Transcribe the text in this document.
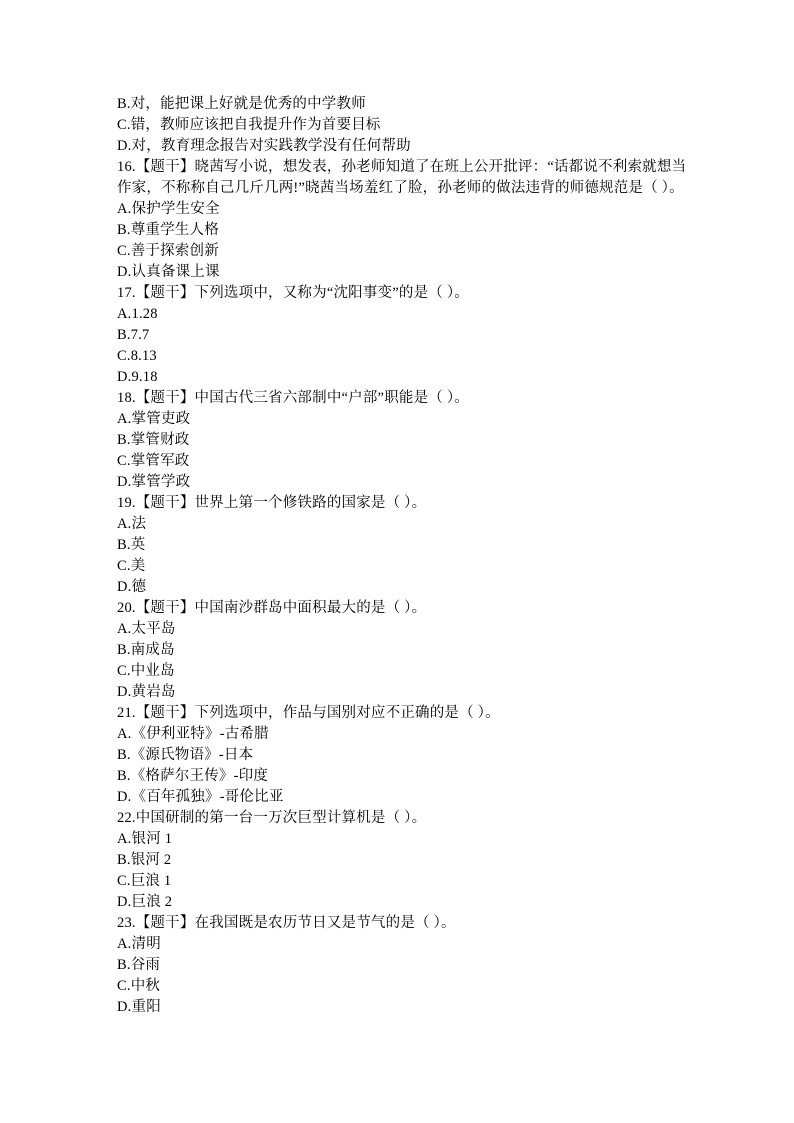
B.对，能把课上好就是优秀的中学教师
C.错，教师应该把自我提升作为首要目标
D.对，教育理念报告对实践教学没有任何帮助
16.【题干】晓茜写小说，想发表，孙老师知道了在班上公开批评：“话都说不利索就想当
作家，不称称自己几斤几两!”晓茜当场羞红了脸，孙老师的做法违背的师德规范是（ ）。
A.保护学生安全
B.尊重学生人格
C.善于探索创新
D.认真备课上课
17.【题干】下列选项中，又称为“沈阳事变”的是（ ）。
A.1.28
B.7.7
C.8.13
D.9.18
18.【题干】中国古代三省六部制中“户部”职能是（ ）。
A.掌管吏政
B.掌管财政
C.掌管军政
D.掌管学政
19.【题干】世界上第一个修铁路的国家是（ ）。
A.法
B.英
C.美
D.德
20.【题干】中国南沙群岛中面积最大的是（ ）。
A.太平岛
B.南成岛
C.中业岛
D.黄岩岛
21.【题干】下列选项中，作品与国别对应不正确的是（ ）。
A.《伊利亚特》-古希腊
B.《源氏物语》-日本
B.《格萨尔王传》-印度
D.《百年孤独》-哥伦比亚
22.中国研制的第一台一万次巨型计算机是（ ）。
A.银河 1
B.银河 2
C.巨浪 1
D.巨浪 2
23.【题干】在我国既是农历节日又是节气的是（ ）。
A.清明
B.谷雨
C.中秋
D.重阳
